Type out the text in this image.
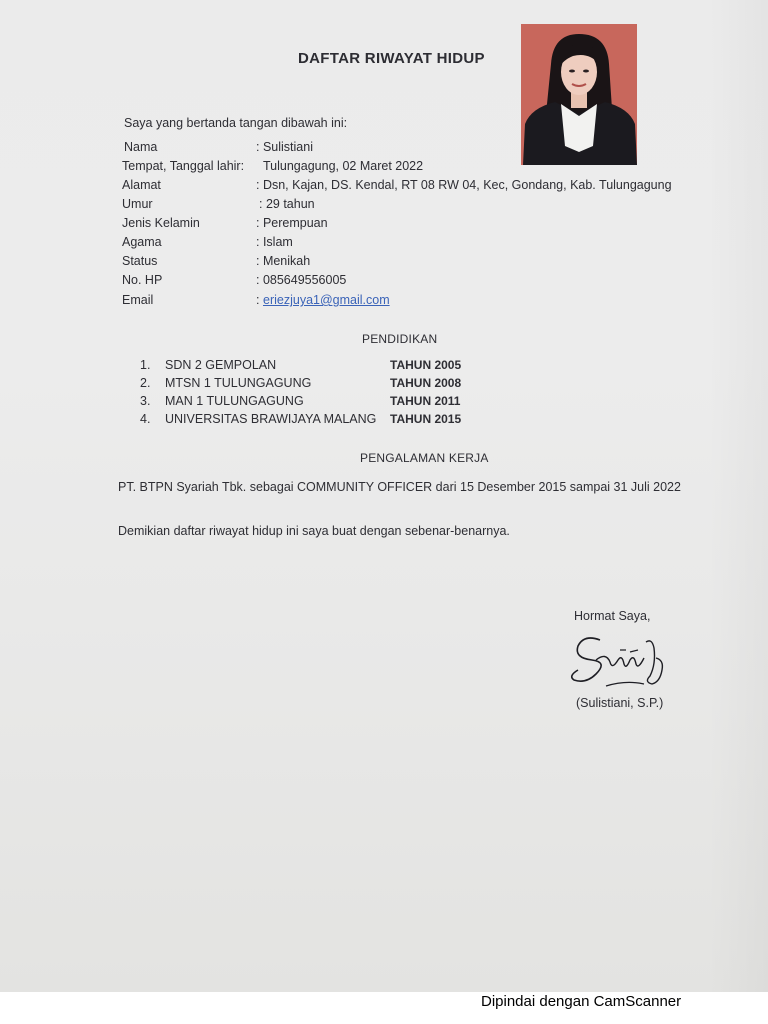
DAFTAR RIWAYAT HIDUP
Saya yang bertanda tangan dibawah ini:
Nama	: Sulistiani
Tempat, Tanggal lahir: Tulungagung, 02 Maret 2022
Alamat	: Dsn, Kajan, DS. Kendal, RT 08 RW 04, Kec, Gondang, Kab. Tulungagung
Umur	: 29 tahun
Jenis Kelamin	: Perempuan
Agama	: Islam
Status	: Menikah
No. HP	: 085649556005
Email	: eriezjuya1@gmail.com
PENDIDIKAN
1. SDN 2 GEMPOLAN	TAHUN 2005
2. MTSN 1 TULUNGAGUNG	TAHUN 2008
3. MAN 1 TULUNGAGUNG	TAHUN 2011
4. UNIVERSITAS BRAWIJAYA MALANG TAHUN 2015
PENGALAMAN KERJA
PT. BTPN Syariah Tbk. sebagai COMMUNITY OFFICER dari 15 Desember 2015 sampai 31 Juli 2022
Demikian daftar riwayat hidup ini saya buat dengan sebenar-benarnya.
Hormat Saya,
(Sulistiani, S.P.)
Dipindai dengan CamScanner
